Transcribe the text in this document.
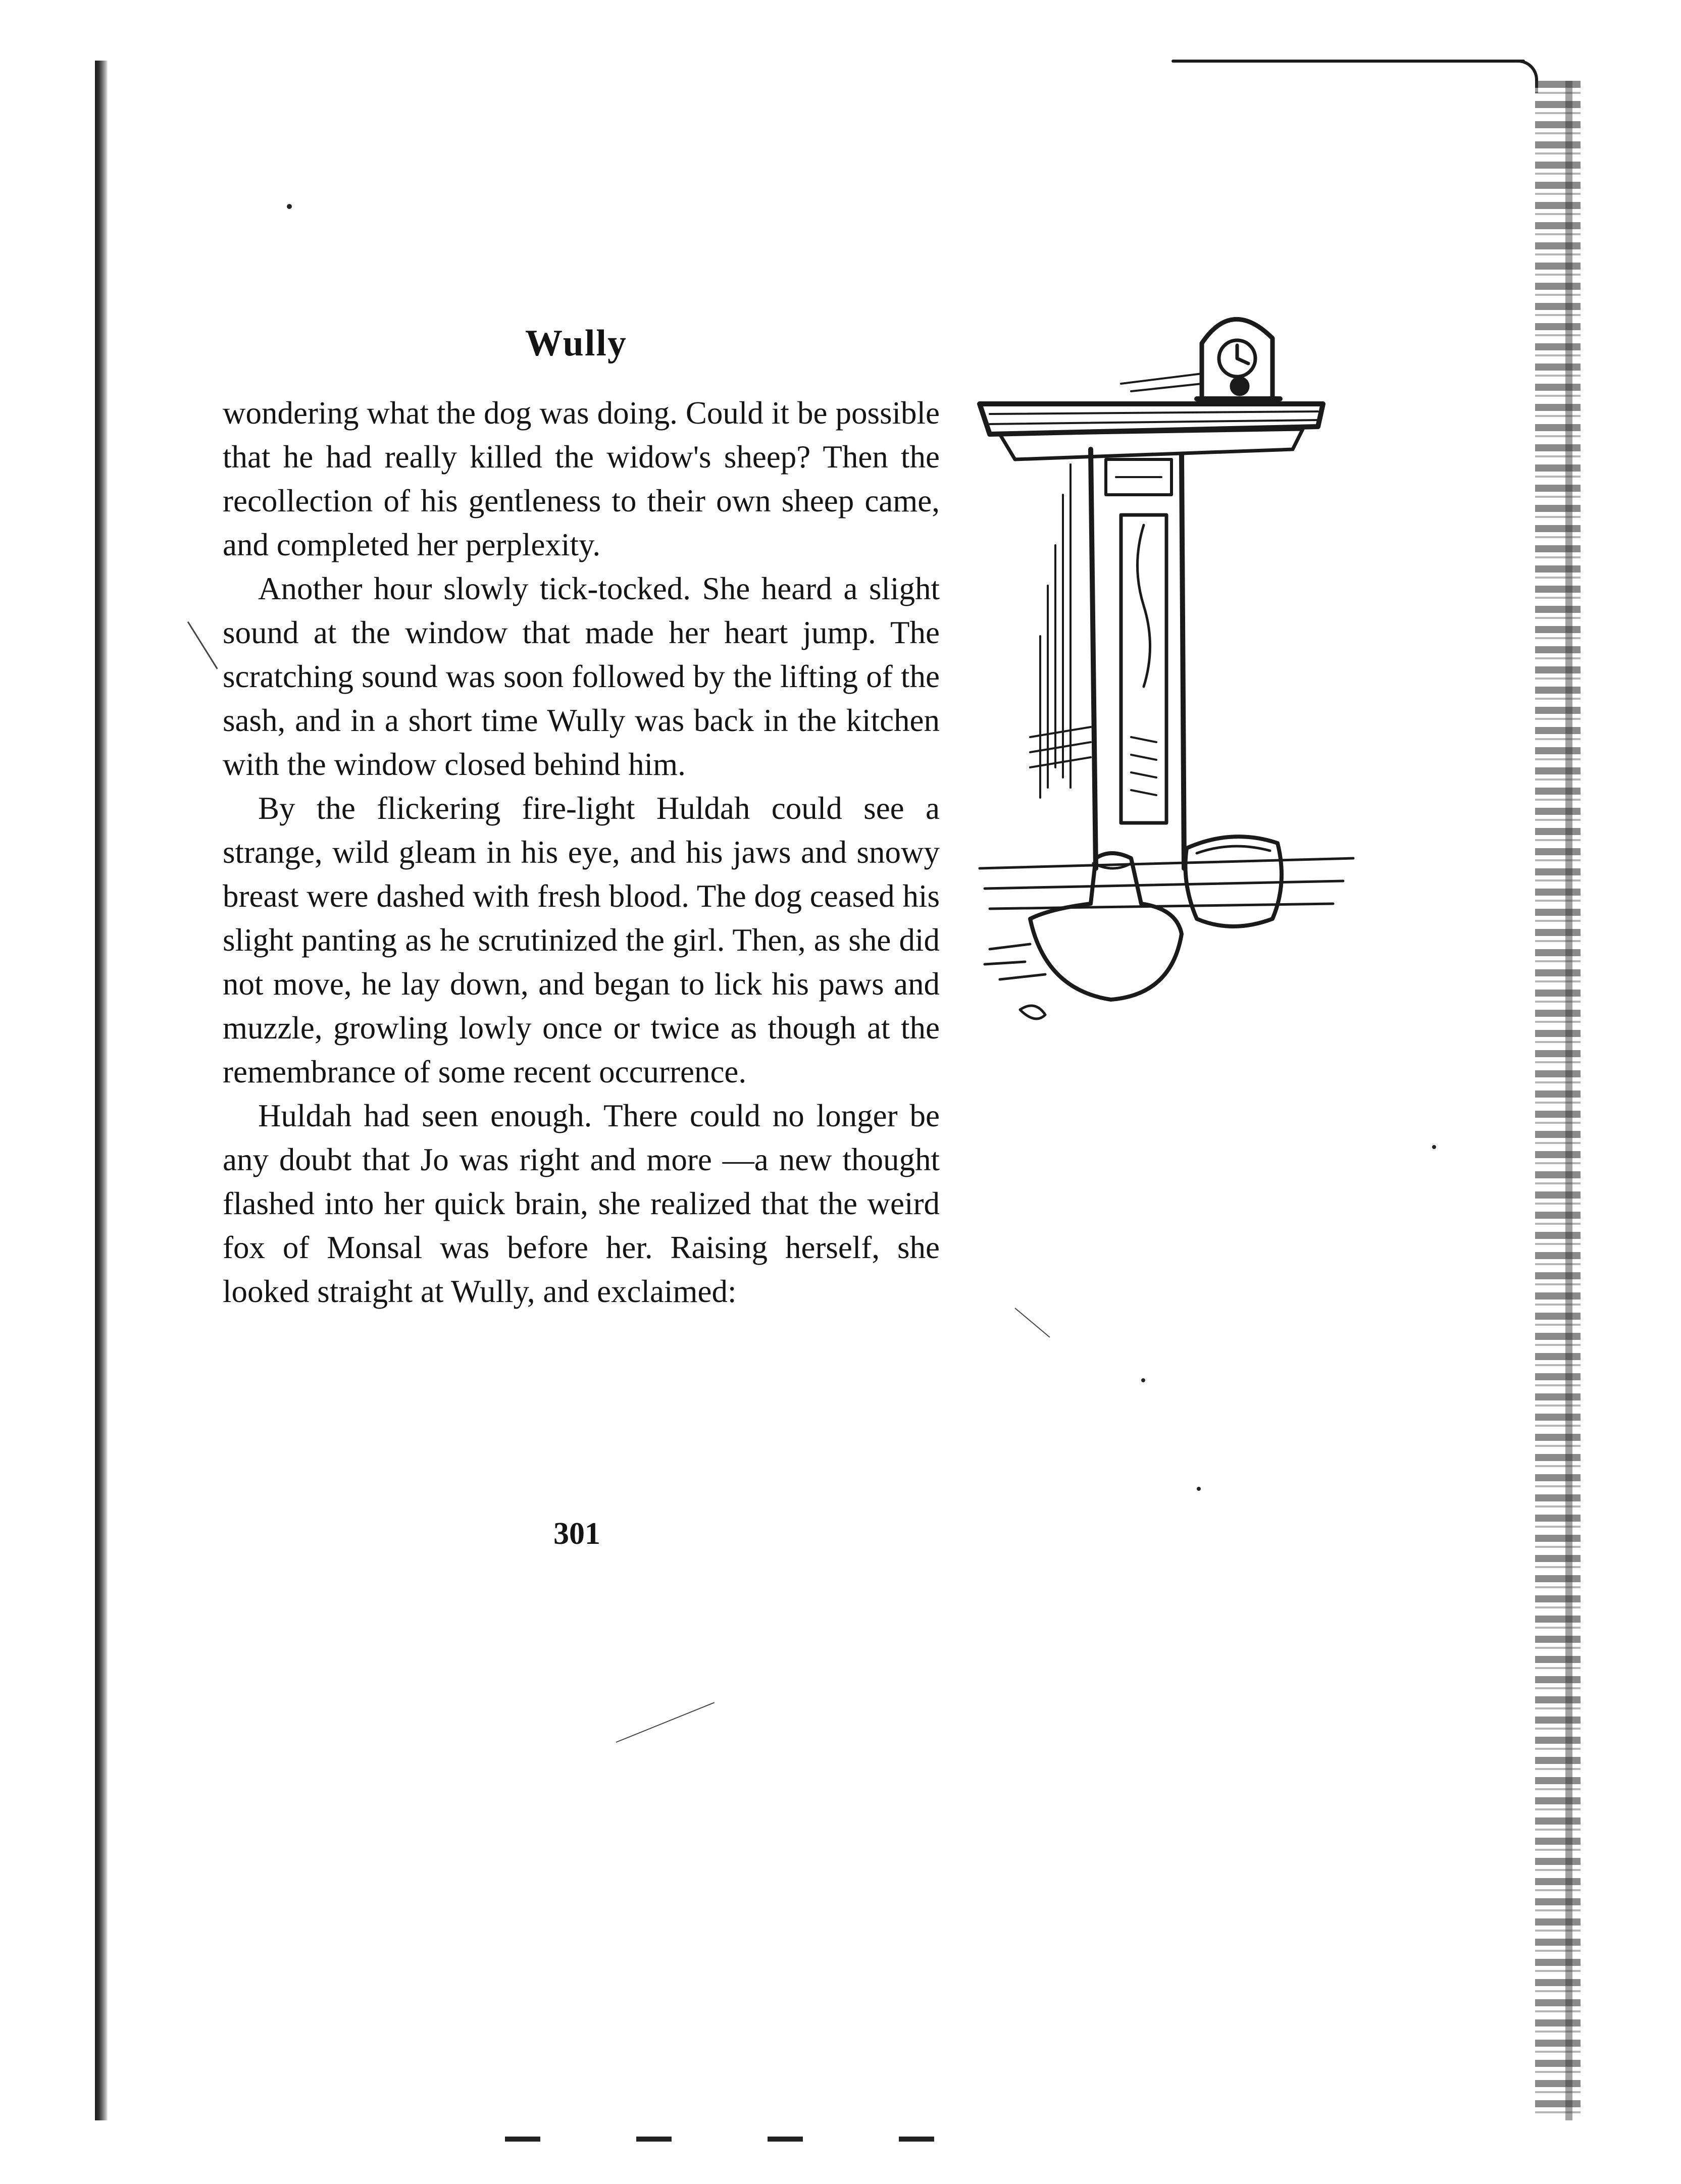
Wully

wondering what the dog was doing. Could it be possible that he had really killed the widow's sheep? Then the recollection of his gentleness to their own sheep came, and completed her perplexity.

Another hour slowly tick-tocked. She heard a slight sound at the window that made her heart jump. The scratching sound was soon followed by the lifting of the sash, and in a short time Wully was back in the kitchen with the window closed behind him.

By the flickering fire-light Huldah could see a strange, wild gleam in his eye, and his jaws and snowy breast were dashed with fresh blood. The dog ceased his slight panting as he scrutinized the girl. Then, as she did not move, he lay down, and began to lick his paws and muzzle, growling lowly once or twice as though at the remembrance of some recent occurrence.

Huldah had seen enough. There could no longer be any doubt that Jo was right and more —a new thought flashed into her quick brain, she realized that the weird fox of Monsal was before her. Raising herself, she looked straight at Wully, and exclaimed:

301
